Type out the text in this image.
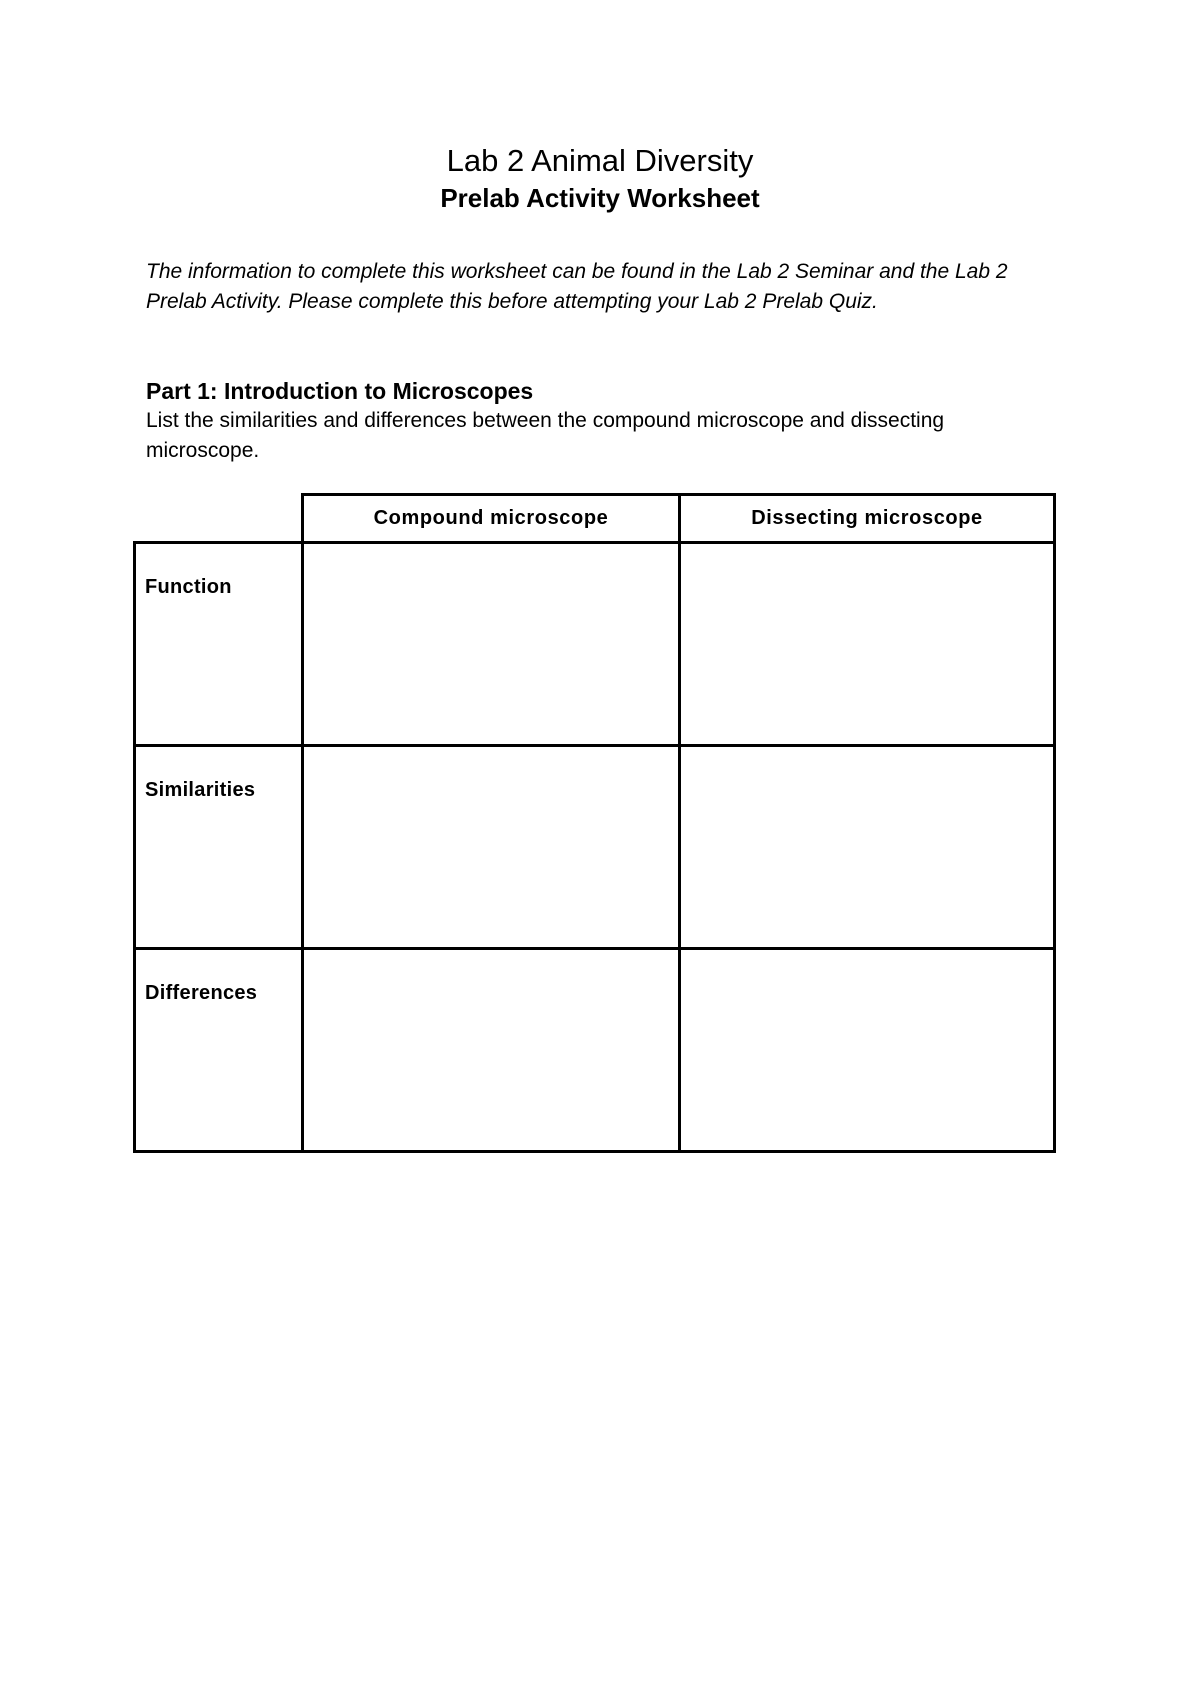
Lab 2 Animal Diversity
Prelab Activity Worksheet
The information to complete this worksheet can be found in the Lab 2 Seminar and the Lab 2 Prelab Activity. Please complete this before attempting your Lab 2 Prelab Quiz.
Part 1: Introduction to Microscopes
List the similarities and differences between the compound microscope and dissecting microscope.
Compound microscope	Dissecting microscope
Function
Similarities
Differences
